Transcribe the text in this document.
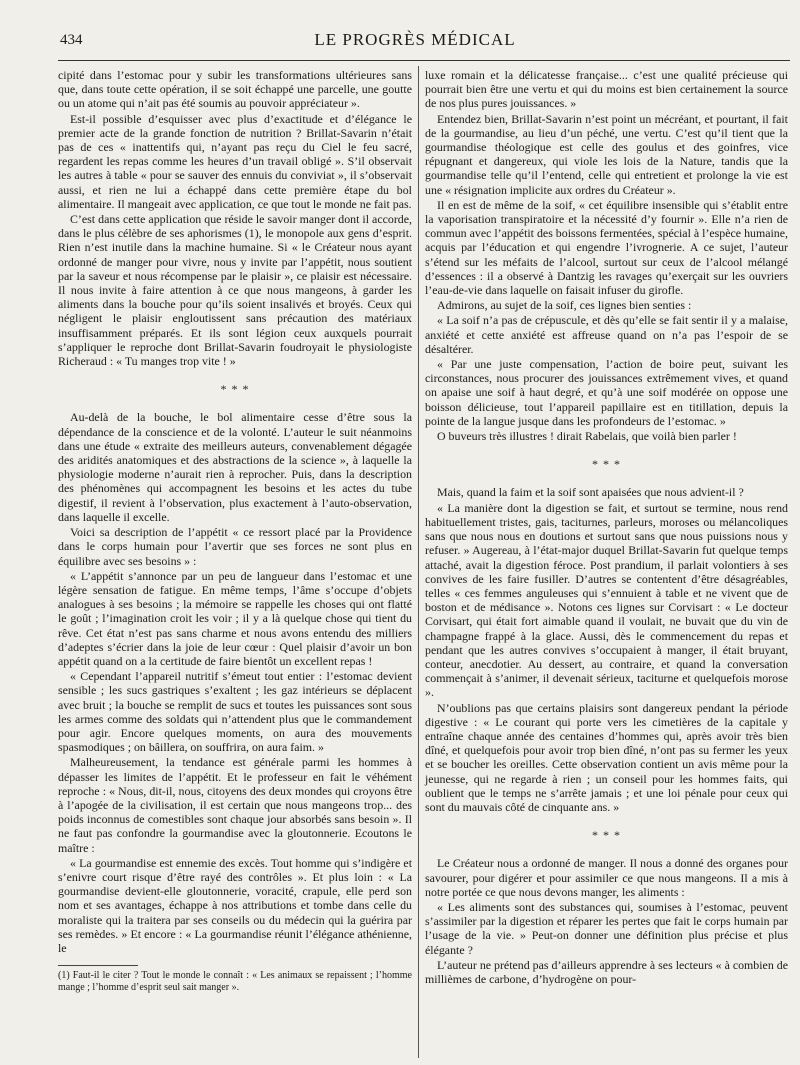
434	LE PROGRÈS MÉDICAL

cipité dans l’estomac pour y subir les transformations ultérieures sans que, dans toute cette opération, il se soit échappé une parcelle, une goutte ou un atome qui n’ait pas été soumis au pouvoir appréciateur ».

Est-il possible d’esquisser avec plus d’exactitude et d’élégance le premier acte de la grande fonction de nutrition ? Brillat-Savarin n’était pas de ces « inattentifs qui, n’ayant pas reçu du Ciel le feu sacré, regardent les repas comme les heures d’un travail obligé ». S’il observait les autres à table « pour se sauver des ennuis du conviviat », il s’observait aussi, et rien ne lui a échappé dans cette première étape du bol alimentaire. Il mangeait avec application, ce que tout le monde ne fait pas.

C’est dans cette application que réside le savoir manger dont il accorde, dans le plus célèbre de ses aphorismes (1), le monopole aux gens d’esprit. Rien n’est inutile dans la machine humaine. Si « le Créateur nous ayant ordonné de manger pour vivre, nous y invite par l’appétit, nous soutient par la saveur et nous récompense par le plaisir », ce plaisir est nécessaire. Il nous invite à faire attention à ce que nous mangeons, à garder les aliments dans la bouche pour qu’ils soient insalivés et broyés. Ceux qui négligent le plaisir engloutissent sans précaution des matériaux insuffisamment préparés. Et ils sont légion ceux auxquels pourrait s’appliquer le reproche dont Brillat-Savarin foudroyait le physiologiste Richeraud : « Tu manges trop vite ! »

* * *

Au-delà de la bouche, le bol alimentaire cesse d’être sous la dépendance de la conscience et de la volonté. L’auteur le suit néanmoins dans une étude « extraite des meilleurs auteurs, convenablement dégagée des aridités anatomiques et des abstractions de la science », à laquelle la physiologie moderne n’aurait rien à reprocher. Puis, dans la description des phénomènes qui accompagnent les besoins et les actes du tube digestif, il revient à l’observation, plus exactement à l’auto-observation, dans laquelle il excelle.

Voici sa description de l’appétit « ce ressort placé par la Providence dans le corps humain pour l’avertir que ses forces ne sont plus en équilibre avec ses besoins » :

« L’appétit s’annonce par un peu de langueur dans l’estomac et une légère sensation de fatigue. En même temps, l’âme s’occupe d’objets analogues à ses besoins ; la mémoire se rappelle les choses qui ont flatté le goût ; l’imagination croit les voir ; il y a là quelque chose qui tient du rêve. Cet état n’est pas sans charme et nous avons entendu des milliers d’adeptes s’écrier dans la joie de leur cœur : Quel plaisir d’avoir un bon appétit quand on a la certitude de faire bientôt un excellent repas !

« Cependant l’appareil nutritif s’émeut tout entier : l’estomac devient sensible ; les sucs gastriques s’exaltent ; les gaz intérieurs se déplacent avec bruit ; la bouche se remplit de sucs et toutes les puissances sont sous les armes comme des soldats qui n’attendent plus que le commandement pour agir. Encore quelques moments, on aura des mouvements spasmodiques ; on bâillera, on souffrira, on aura faim. »

Malheureusement, la tendance est générale parmi les hommes à dépasser les limites de l’appétit. Et le professeur en fait le véhément reproche : « Nous, dit-il, nous, citoyens des deux mondes qui croyons être à l’apogée de la civilisation, il est certain que nous mangeons trop... des poids inconnus de comestibles sont chaque jour absorbés sans besoin ». Il ne faut pas confondre la gourmandise avec la gloutonnerie. Ecoutons le maître :

« La gourmandise est ennemie des excès. Tout homme qui s’indigère et s’enivre court risque d’être rayé des contrôles ». Et plus loin : « La gourmandise devient-elle gloutonnerie, voracité, crapule, elle perd son nom et ses avantages, échappe à nos attributions et tombe dans celle du moraliste qui la traitera par ses conseils ou du médecin qui la guérira par ses remèdes. » Et encore : « La gourmandise réunit l’élégance athénienne, le

(1) Faut-il le citer ? Tout le monde le connaît : « Les animaux se repaissent ; l’homme mange ; l’homme d’esprit seul sait manger ».

luxe romain et la délicatesse française... c’est une qualité précieuse qui pourrait bien être une vertu et qui du moins est bien certainement la source de nos plus pures jouissances. »

Entendez bien, Brillat-Savarin n’est point un mécréant, et pourtant, il fait de la gourmandise, au lieu d’un péché, une vertu. C’est qu’il tient que la gourmandise théologique est celle des goulus et des goinfres, vice répugnant et dangereux, qui viole les lois de la Nature, tandis que la gourmandise telle qu’il l’entend, celle qui entretient et prolonge la vie est une « résignation implicite aux ordres du Créateur ».

Il en est de même de la soif, « cet équilibre insensible qui s’établit entre la vaporisation transpiratoire et la nécessité d’y fournir ». Elle n’a rien de commun avec l’appétit des boissons fermentées, spécial à l’espèce humaine, acquis par l’éducation et qui engendre l’ivrognerie. A ce sujet, l’auteur s’étend sur les méfaits de l’alcool, surtout sur ceux de l’alcool mélangé d’essences : il a observé à Dantzig les ravages qu’exerçait sur les ouvriers l’eau-de-vie dans laquelle on faisait infuser du girofle.

Admirons, au sujet de la soif, ces lignes bien senties :

« La soif n’a pas de crépuscule, et dès qu’elle se fait sentir il y a malaise, anxiété et cette anxiété est affreuse quand on n’a pas l’espoir de se désaltérer.

« Par une juste compensation, l’action de boire peut, suivant les circonstances, nous procurer des jouissances extrêmement vives, et quand on apaise une soif à haut degré, et qu’à une soif modérée on oppose une boisson délicieuse, tout l’appareil papillaire est en titillation, depuis la pointe de la langue jusque dans les profondeurs de l’estomac. »

O buveurs très illustres ! dirait Rabelais, que voilà bien parler !

* * *

Mais, quand la faim et la soif sont apaisées que nous advient-il ?

« La manière dont la digestion se fait, et surtout se termine, nous rend habituellement tristes, gais, taciturnes, parleurs, moroses ou mélancoliques sans que nous nous en doutions et surtout sans que nous puissions nous y refuser. » Augereau, à l’état-major duquel Brillat-Savarin fut quelque temps attaché, avait la digestion féroce. Post prandium, il parlait volontiers à ses convives de les faire fusiller. D’autres se contentent d’être désagréables, telles « ces femmes anguleuses qui s’ennuient à table et ne vivent que de boston et de médisance ». Notons ces lignes sur Corvisart : « Le docteur Corvisart, qui était fort aimable quand il voulait, ne buvait que du vin de champagne frappé à la glace. Aussi, dès le commencement du repas et pendant que les autres convives s’occupaient à manger, il était bruyant, conteur, anecdotier. Au dessert, au contraire, et quand la conversation commençait à s’animer, il devenait sérieux, taciturne et quelquefois morose ».

N’oublions pas que certains plaisirs sont dangereux pendant la période digestive : « Le courant qui porte vers les cimetières de la capitale y entraîne chaque année des centaines d’hommes qui, après avoir très bien dîné, et quelquefois pour avoir trop bien dîné, n’ont pas su fermer les yeux et se boucher les oreilles. Cette observation contient un avis même pour la jeunesse, qui ne regarde à rien ; un conseil pour les hommes faits, qui oublient que le temps ne s’arrête jamais ; et une loi pénale pour ceux qui sont du mauvais côté de cinquante ans. »

* * *

Le Créateur nous a ordonné de manger. Il nous a donné des organes pour savourer, pour digérer et pour assimiler ce que nous mangeons. Il a mis à notre portée ce que nous devons manger, les aliments :

« Les aliments sont des substances qui, soumises à l’estomac, peuvent s’assimiler par la digestion et réparer les pertes que fait le corps humain par l’usage de la vie. » Peut-on donner une définition plus précise et plus élégante ?

L’auteur ne prétend pas d’ailleurs apprendre à ses lecteurs « à combien de millièmes de carbone, d’hydrogène on pour-
